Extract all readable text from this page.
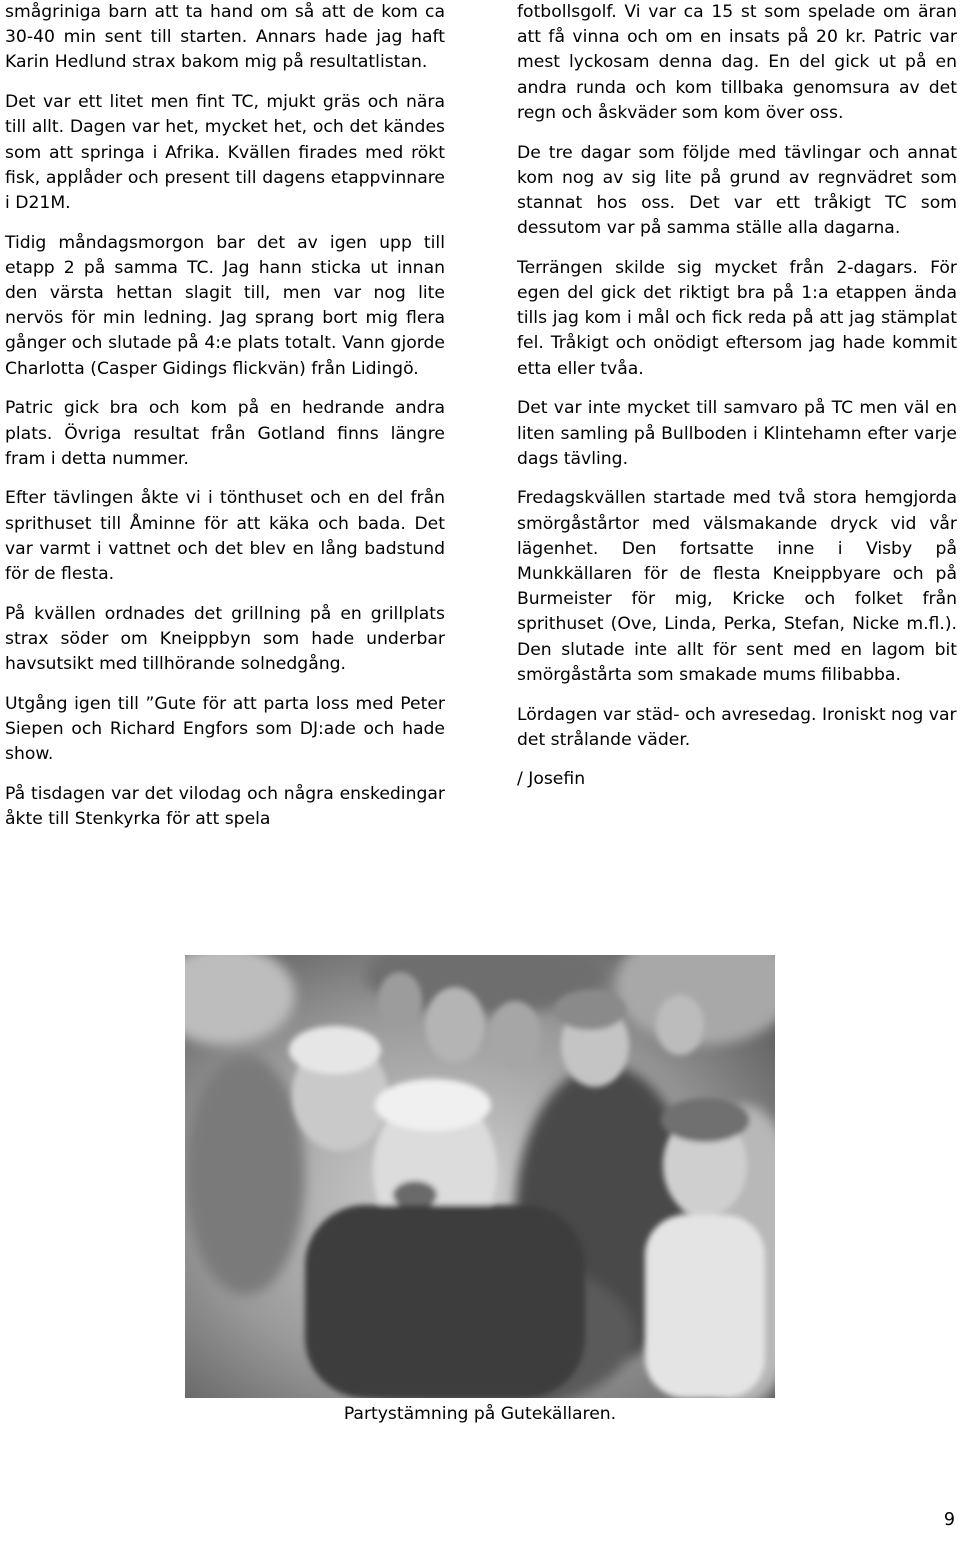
smågriniga barn att ta hand om så att de kom ca 30-40 min sent till starten. Annars hade jag haft Karin Hedlund strax bakom mig på resultatlistan.

Det var ett litet men fint TC, mjukt gräs och nära till allt. Dagen var het, mycket het, och det kändes som att springa i Afrika. Kvällen firades med rökt fisk, applåder och present till dagens etappvinnare i D21M.

Tidig måndagsmorgon bar det av igen upp till etapp 2 på samma TC. Jag hann sticka ut innan den värsta hettan slagit till, men var nog lite nervös för min ledning. Jag sprang bort mig flera gånger och slutade på 4:e plats totalt. Vann gjorde Charlotta (Casper Gidings flickvän) från Lidingö.

Patric gick bra och kom på en hedrande andra plats. Övriga resultat från Gotland finns längre fram i detta nummer.

Efter tävlingen åkte vi i tönthuset och en del från sprithuset till Åminne för att käka och bada. Det var varmt i vattnet och det blev en lång badstund för de flesta.

På kvällen ordnades det grillning på en grillplats strax söder om Kneippbyn som hade underbar havsutsikt med tillhörande solnedgång.

Utgång igen till ”Gute för att parta loss med Peter Siepen och Richard Engfors som DJ:ade och hade show.

På tisdagen var det vilodag och några enskedingar åkte till Stenkyrka för att spela

fotbollsgolf. Vi var ca 15 st som spelade om äran att få vinna och om en insats på 20 kr. Patric var mest lyckosam denna dag. En del gick ut på en andra runda och kom tillbaka genomsura av det regn och åskväder som kom över oss.

De tre dagar som följde med tävlingar och annat kom nog av sig lite på grund av regnvädret som stannat hos oss. Det var ett tråkigt TC som dessutom var på samma ställe alla dagarna.

Terrängen skilde sig mycket från 2-dagars. För egen del gick det riktigt bra på 1:a etappen ända tills jag kom i mål och fick reda på att jag stämplat fel. Tråkigt och onödigt eftersom jag hade kommit etta eller tvåa.

Det var inte mycket till samvaro på TC men väl en liten samling på Bullboden i Klintehamn efter varje dags tävling.

Fredagskvällen startade med två stora hemgjorda smörgåstårtor med välsmakande dryck vid vår lägenhet. Den fortsatte inne i Visby på Munkkällaren för de flesta Kneippbyare och på Burmeister för mig, Kricke och folket från sprithuset (Ove, Linda, Perka, Stefan, Nicke m.fl.). Den slutade inte allt för sent med en lagom bit smörgåstårta som smakade mums filibabba.

Lördagen var städ- och avresedag. Ironiskt nog var det strålande väder.

/ Josefin

Partystämning på Gutekällaren.
9
